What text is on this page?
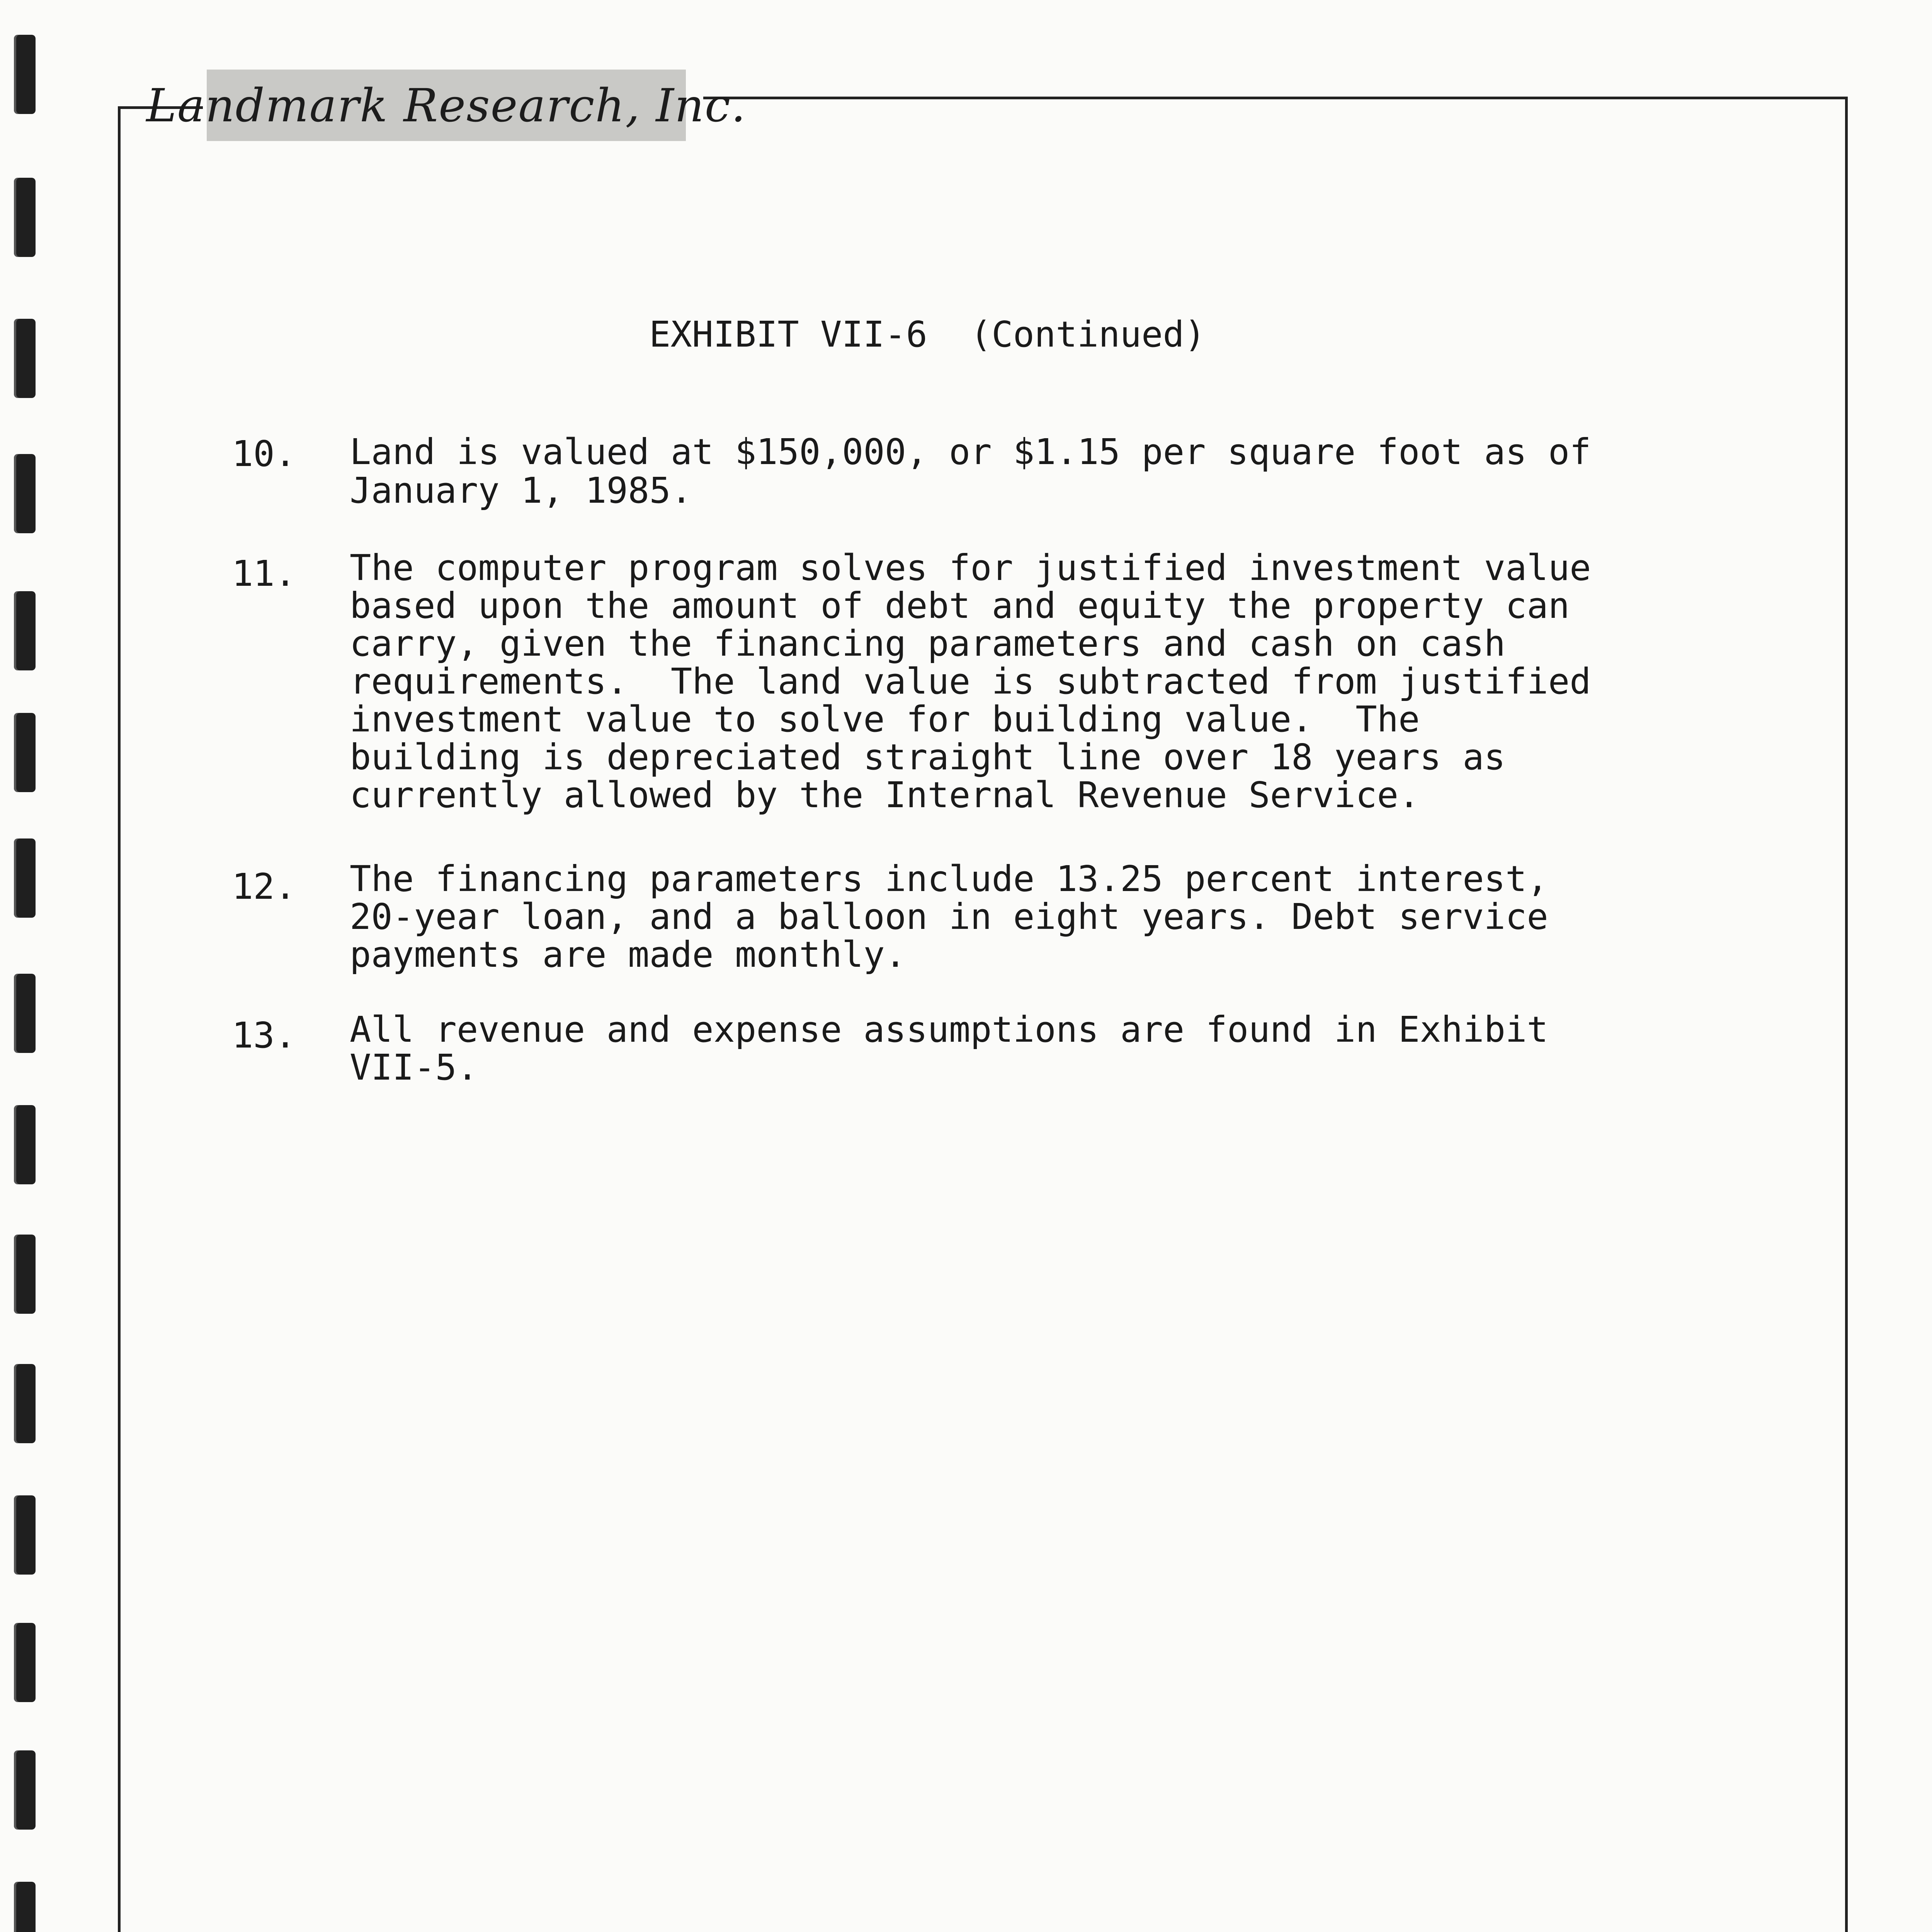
Landmark Research, Inc.
EXHIBIT VII-6  (Continued)
10. Land is valued at $150,000, or $1.15 per square foot as of
January 1, 1985.
11. The computer program solves for justified investment value
based upon the amount of debt and equity the property can
carry, given the financing parameters and cash on cash
requirements.  The land value is subtracted from justified
investment value to solve for building value.  The
building is depreciated straight line over 18 years as
currently allowed by the Internal Revenue Service.
12. The financing parameters include 13.25 percent interest,
20-year loan, and a balloon in eight years. Debt service
payments are made monthly.
13. All revenue and expense assumptions are found in Exhibit
VII-5.
